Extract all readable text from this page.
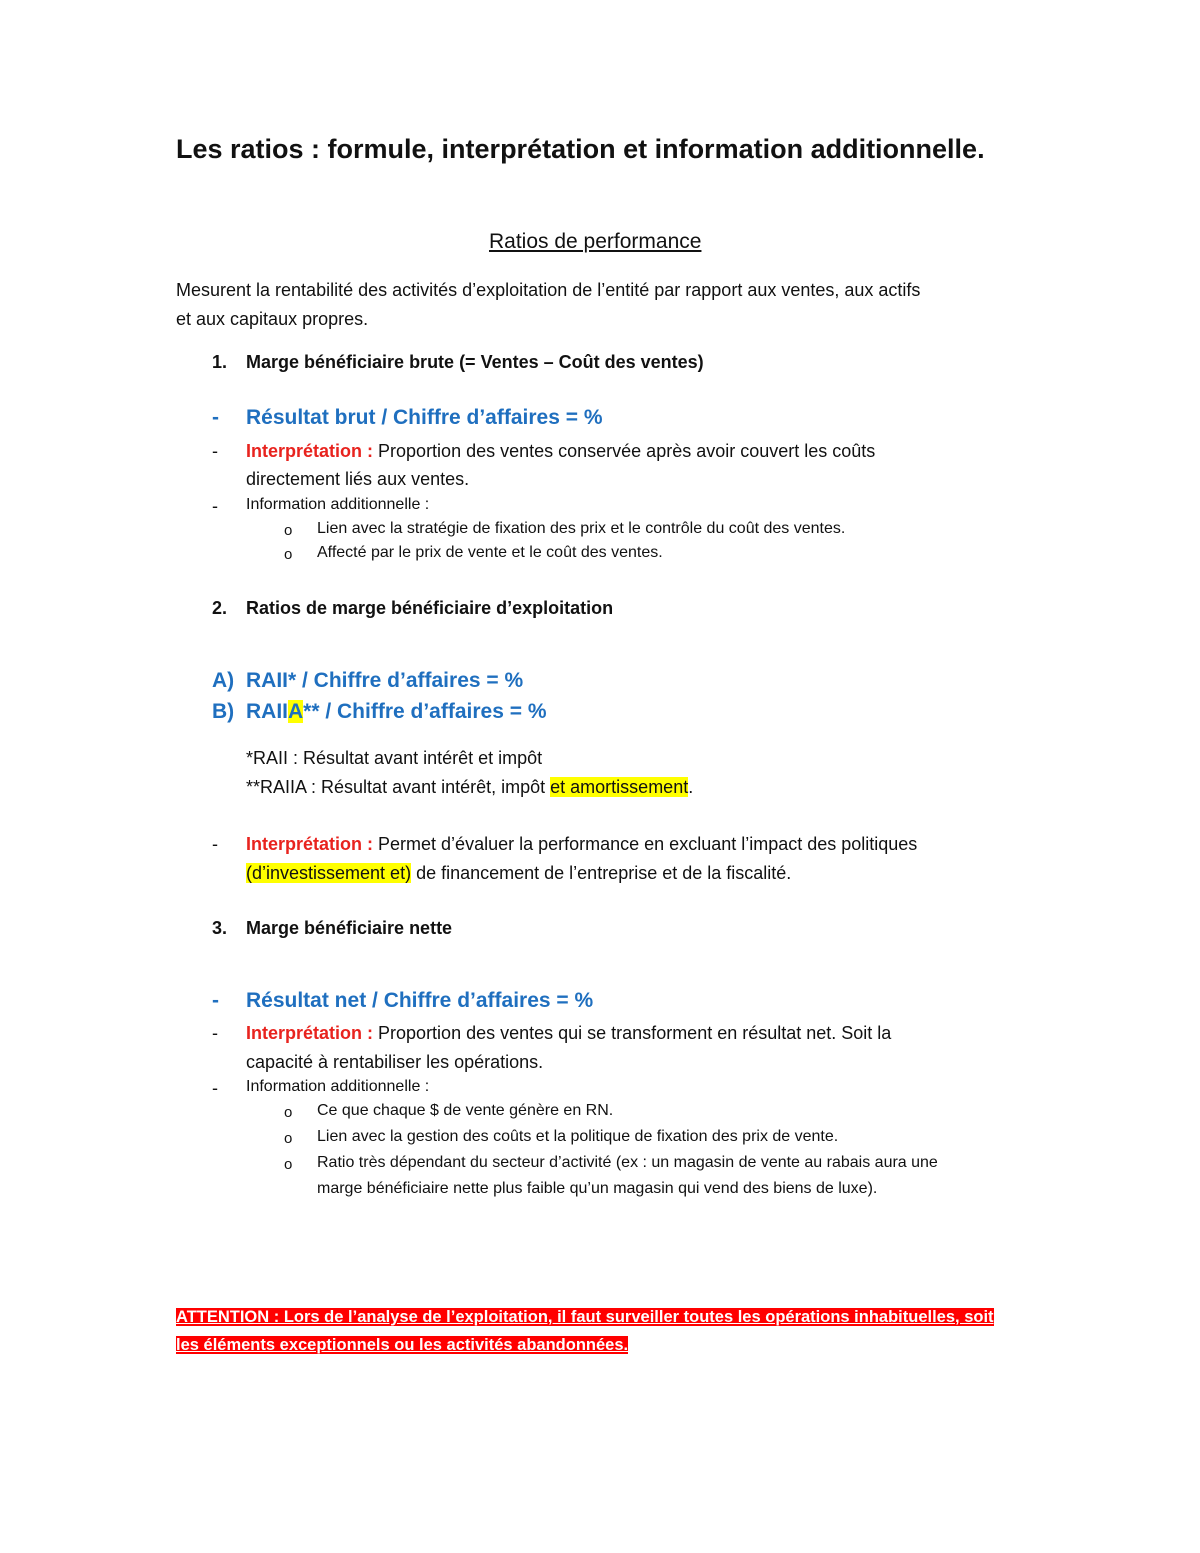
Les ratios : formule, interprétation et information additionnelle.
Ratios de performance
Mesurent la rentabilité des activités d’exploitation de l’entité par rapport aux ventes, aux actifs
et aux capitaux propres.
1. Marge bénéficiaire brute (= Ventes – Coût des ventes)
- Résultat brut / Chiffre d’affaires = %
- Interprétation : Proportion des ventes conservée après avoir couvert les coûts
directement liés aux ventes.
- Information additionnelle :
o Lien avec la stratégie de fixation des prix et le contrôle du coût des ventes.
o Affecté par le prix de vente et le coût des ventes.
2. Ratios de marge bénéficiaire d’exploitation
A) RAII* / Chiffre d’affaires = %
B) RAIIA** / Chiffre d’affaires = %
*RAII : Résultat avant intérêt et impôt
**RAIIA : Résultat avant intérêt, impôt et amortissement.
- Interprétation : Permet d’évaluer la performance en excluant l’impact des politiques
(d’investissement et) de financement de l’entreprise et de la fiscalité.
3. Marge bénéficiaire nette
- Résultat net / Chiffre d’affaires = %
- Interprétation : Proportion des ventes qui se transforment en résultat net. Soit la
capacité à rentabiliser les opérations.
- Information additionnelle :
o Ce que chaque $ de vente génère en RN.
o Lien avec la gestion des coûts et la politique de fixation des prix de vente.
o Ratio très dépendant du secteur d’activité (ex : un magasin de vente au rabais aura une
marge bénéficiaire nette plus faible qu’un magasin qui vend des biens de luxe).
ATTENTION : Lors de l’analyse de l’exploitation, il faut surveiller toutes les opérations inhabituelles, soit
les éléments exceptionnels ou les activités abandonnées.
